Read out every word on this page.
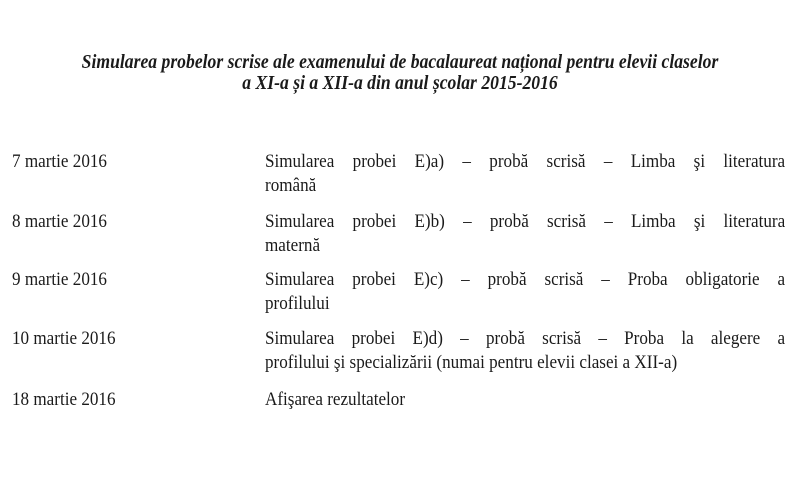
Simularea probelor scrise ale examenului de bacalaureat național pentru elevii claselor
a XI-a și a XII-a din anul școlar 2015-2016
7 martie 2016	Simularea probei E)a) – probă scrisă – Limba şi literatura
română
8 martie 2016	Simularea probei E)b) – probă scrisă – Limba şi literatura
maternă
9 martie 2016	Simularea probei E)c) – probă scrisă – Proba obligatorie a
profilului
10 martie 2016	Simularea probei E)d) – probă scrisă – Proba la alegere a
profilului şi specializării (numai pentru elevii clasei a XII-a)
18 martie 2016	Afişarea rezultatelor
